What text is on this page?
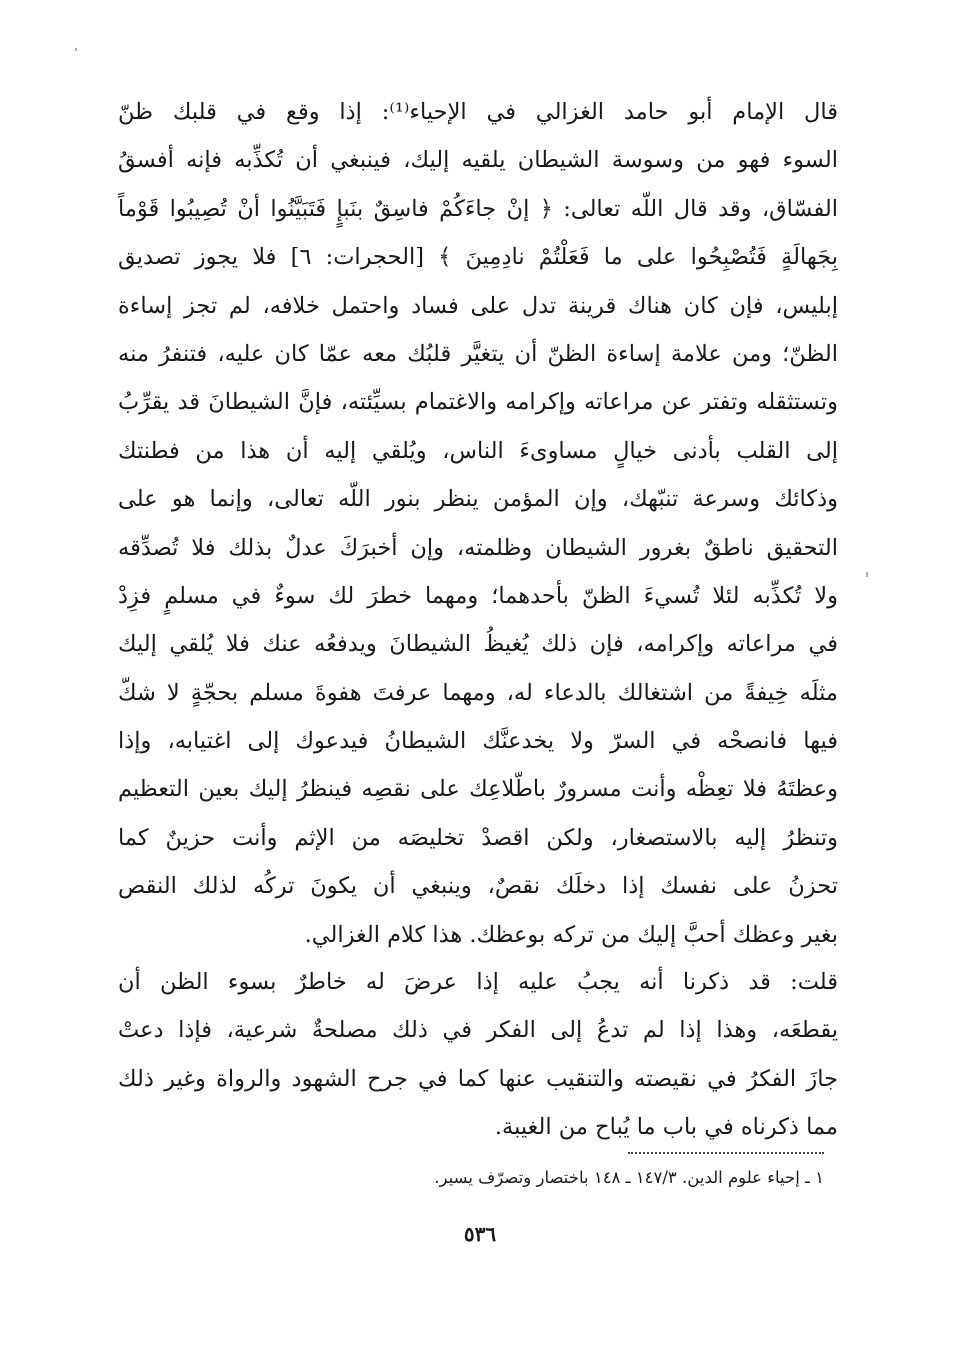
قال الإمام أبو حامد الغزالي في الإحياء⁽¹⁾: إذا وقع في قلبك ظنّ
السوء فهو من وسوسة الشيطان يلقيه إليك، فينبغي أن تُكذِّبه فإنه أفسقُ
الفسّاق، وقد قال اللّه تعالى: ﴿ إنْ جاءَكُمْ فاسِقٌ بنَبإٍ فَتَبَيَّنُوا أنْ تُصِيبُوا قَوْماً
بِجَهالَةٍ فَتُصْبِحُوا على ما فَعَلْتُمْ نادِمِينَ ﴾ [الحجرات: ٦] فلا يجوز تصديق
إبليس، فإن كان هناك قرينة تدل على فساد واحتمل خلافه، لم تجز إساءة
الظنّ؛ ومن علامة إساءة الظنّ أن يتغيَّر قلبُك معه عمّا كان عليه، فتنفرُ منه
وتستثقله وتفتر عن مراعاته وإكرامه والاغتمام بسيِّئته، فإنَّ الشيطانَ قد يقرِّبُ
إلى القلب بأدنى خيالٍ مساوىءَ الناس، ويُلقي إليه أن هذا من فطنتك
وذكائك وسرعة تنبّهك، وإن المؤمن ينظر بنور اللّه تعالى، وإنما هو على
التحقيق ناطقٌ بغرور الشيطان وظلمته، وإن أخبرَكَ عدلٌ بذلك فلا تُصدِّقه
ولا تُكذِّبه لئلا تُسيءَ الظنّ بأحدهما؛ ومهما خطرَ لك سوءٌ في مسلمٍ فزِدْ
في مراعاته وإكرامه، فإن ذلك يُغيظُ الشيطانَ ويدفعُه عنك فلا يُلقي إليك
مثلَه خِيفةً من اشتغالك بالدعاء له، ومهما عرفتَ هفوةَ مسلم بحجّةٍ لا شكّ
فيها فانصحْه في السرّ ولا يخدعنَّك الشيطانُ فيدعوك إلى اغتيابه، وإذا
وعظتَهُ فلا تعِظْه وأنت مسرورٌ باطّلاعِك على نقصِه فينظرُ إليك بعين التعظيم
وتنظرُ إليه بالاستصغار، ولكن اقصدْ تخليصَه من الإثم وأنت حزينٌ كما
تحزنُ على نفسك إذا دخلَك نقصٌ، وينبغي أن يكونَ تركُه لذلك النقص
بغير وعظك أحبَّ إليك من تركه بوعظك. هذا كلام الغزالي.
قلت: قد ذكرنا أنه يجبُ عليه إذا عرضَ له خاطرٌ بسوء الظن أن
يقطعَه، وهذا إذا لم تدعُ إلى الفكر في ذلك مصلحةٌ شرعية، فإذا دعتْ
جازَ الفكرُ في نقيصته والتنقيب عنها كما في جرح الشهود والرواة وغير ذلك
مما ذكرناه في باب ما يُباح من الغيبة.
١ ـ إحياء علوم الدين. ١٤٧/٣ ـ ١٤٨ باختصار وتصرّف يسير.
٥٣٦
